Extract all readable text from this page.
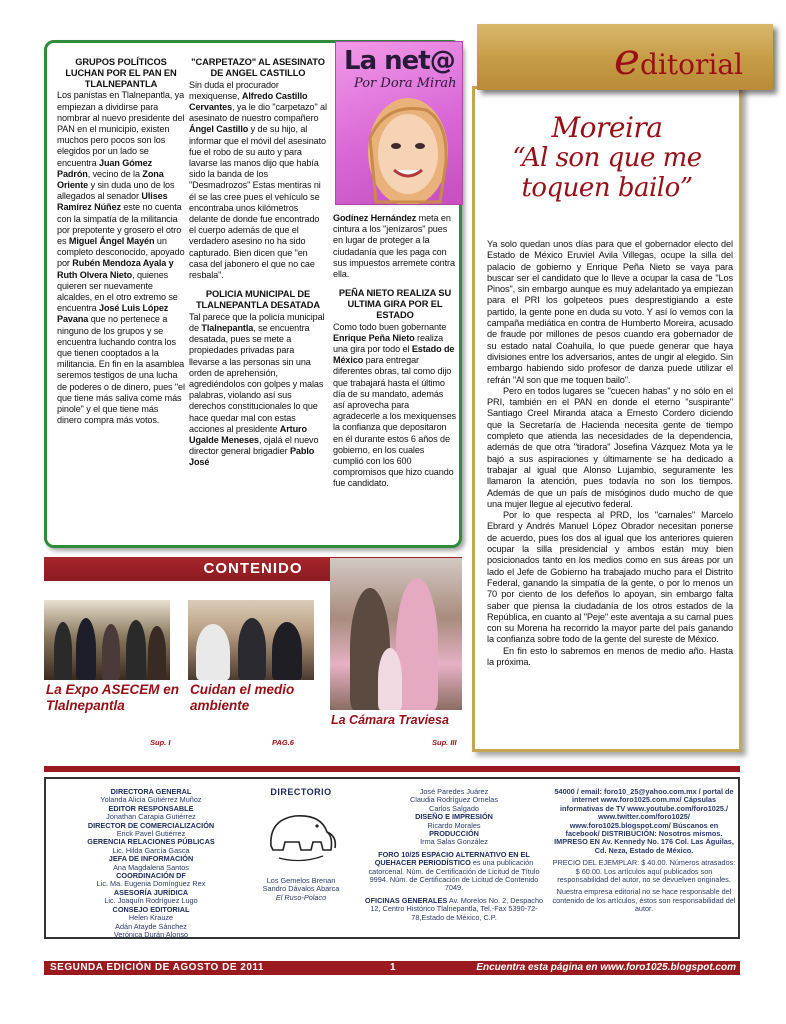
GRUPOS POLÍTICOS LUCHAN POR EL PAN EN TLALNEPANTLA

Los panistas en Tlalnepantla, ya empiezan a dividirse para nombrar al nuevo presidente del PAN en el municipio, existen muchos pero pocos son los elegidos por un lado se encuentra Juan Gómez Padrón, vecino de la Zona Oriente y sin duda uno de los allegados al senador Ulises Ramírez Núñez este no cuenta con la simpatía de la militancia por prepotente y grosero el otro es Miguel Ángel Mayén un completo desconocido, apoyado por Rubén Mendoza Ayala y Ruth Olvera Nieto, quienes quieren ser nuevamente alcaldes, en el otro extremo se encuentra José Luis López Pavana que no pertenece a ninguno de los grupos y se encuentra luchando contra los que tienen cooptados a la militancia. En fin en la asamblea seremos testigos de una lucha de poderes o de dinero, pues "el que tiene más saliva come más pinole" y el que tiene más dinero compra más votos.

"CARPETAZO" AL ASESINATO DE ANGEL CASTILLO

Sin duda el procurador mexiquense, Alfredo Castillo Cervantes, ya le dio "carpetazo" al asesinato de nuestro compañero Ángel Castillo y de su hijo, al informar que el móvil del asesinato fue el robo de su auto y para lavarse las manos dijo que había sido la banda de los "Desmadrozos" Estas mentiras ni él se las cree pues el vehículo se encontraba unos kilómetros delante de donde fue encontrado el cuerpo además de que el verdadero asesino no ha sido capturado. Bien dicen que "en casa del jabonero el que no cae resbala".

POLICIA MUNICIPAL DE TLALNEPANTLA DESATADA

Tal parece que la policía municipal de Tlalnepantla, se encuentra desatada, pues se mete a propiedades privadas para llevarse a las personas sin una orden de aprehensión, agrediéndolos con golpes y malas palabras, violando así sus derechos constitucionales lo que hace quedar mal con estas acciones al presidente Arturo Ugalde Meneses, ojalá el nuevo director general brigadier Pablo José

La net@
Por Dora Mirah

Godínez Hernández meta en cintura a los "jenízaros" pues en lugar de proteger a la ciudadanía que les paga con sus impuestos arremete contra ella.

PEÑA NIETO REALIZA SU ULTIMA GIRA POR EL ESTADO

Como todo buen gobernante Enrique Peña Nieto realiza una gira por todo el Estado de México para entregar diferentes obras, tal como dijo que trabajará hasta el último día de su mandato, además así aprovecha para agradecerle a los mexiquenses la confianza que depositaron en él durante estos 6 años de gobierno, en los cuales cumplió con los 600 compromisos que hizo cuando fue candidato.

Moreira
“Al son que me
toquen bailo”

Ya solo quedan unos días para que el gobernador electo del Estado de México Eruviel Avila Villegas, ocupe la silla del palacio de gobierno y Enrique Peña Nieto se vaya para buscar ser el candidato que lo lleve a ocupar la casa de "Los Pinos", sin embargo aunque es muy adelantado ya empiezan para el PRI los golpeteos pues desprestigiando a este partido, la gente pone en duda su voto. Y así lo vemos con la campaña mediática en contra de Humberto Moreira, acusado de fraude por millones de pesos cuando era gobernador de su estado natal Coahuila, lo que puede generar que haya divisiones entre los adversarios, antes de ungir al elegido. Sin embargo habiendo sido profesor de danza puede utilizar el refrán "Al son que me toquen bailo".

Pero en todos lugares se "cuecen habas" y no sólo en el PRI, también en el PAN en donde el eterno "suspirante" Santiago Creel Miranda ataca a Ernesto Cordero diciendo que la Secretaría de Hacienda necesita gente de tiempo completo que atienda las necesidades de la dependencia, además de que otra "tiradora" Josefina Vázquez Mota ya le bajó a sus aspiraciones y últimamente se ha dedicado a trabajar al igual que Alonso Lujambio, seguramente les llamaron la atención, pues todavía no son los tiempos. Además de que un país de misóginos dudo mucho de que una mujer llegue al ejecutivo federal.

Por lo que respecta al PRD, los "carnales" Marcelo Ebrard y Andrés Manuel López Obrador necesitan ponerse de acuerdo, pues los dos al igual que los anteriores quieren ocupar la silla presidencial y ambos están muy bien posicionados tanto en los medios como en sus áreas por un lado el Jefe de Gobierno ha trabajado mucho para el Distrito Federal, ganando la simpatía de la gente, o por lo menos un 70 por ciento de los defeños lo apoyan, sin embargo falta saber que piensa la ciudadanía de los otros estados de la República, en cuanto al "Peje" este aventaja a su carnal pues con su Morena ha recorrido la mayor parte del país ganando la confianza sobre todo de la gente del sureste de México.

En fin esto lo sabremos en menos de medio año. Hasta la próxima.

editorial
CONTENIDO
La Expo ASECEM en Tlalnepantla
Cuidan el medio ambiente
La Cámara Traviesa
Sup. I	PAG.6	Sup. III
DIRECTORA GENERAL
Yolanda Alicia Gutiérrez Muñoz
EDITOR RESPONSABLE
Jonathan Carapia Gutiérrez
DIRECTOR DE COMERCIALIZACIÓN
Erick Pavel Gutiérrez
GERENCIA RELACIONES PÚBLICAS
Lic. Hilda García Gasca
JEFA DE INFORMACIÓN
Ana Magdalena Santos
COORDINACIÓN DF
Lic. Ma. Eugenia Domínguez Rex
ASESORÍA JURÍDICA
Lic. Joaquín Rodríguez Lugo
CONSEJO EDITORIAL
Helen Krauze
Adán Atayde Sánchez
Verónica Durán Alonso
DIRECTORIO
Los Gemelos Brenan
Sandro Dávalos Abarca
El Ruso-Polaco
José Paredes Juárez
Claudia Rodríguez Ornelas
Carlos Salgado
DISEÑO E IMPRESIÓN
Ricardo Morales
PRODUCCIÓN
Irma Salas González
FORO 10/25 ESPACIO ALTERNATIVO EN EL QUEHACER PERIODÍSTICO es una publicación catorcenal. Núm. de Certificación de Licitud de Título 9994. Núm. de Certificación de Licitud de Contenido 7049.
OFICINAS GENERALES Av. Morelos No. 2, Despacho 12, Centro Histórico Tlalnepantla, Tel.-Fax 5390-72-78,Estado de México, C.P.
54000 / email: foro10_25@yahoo.com.mx / portal de internet www.foro1025.com.mx/ Cápsulas informativas de TV www.youtube.com/foro1025./ www.twitter.com/foro1025/ www.foro1025.blogspot.com/ Búscanos en facebook/ DISTRIBUCIÓN: Nosotros mismos. IMPRESO EN Av. Kennedy No. 176 Col. Las Águilas, Cd. Neza, Estado de México.
PRECIO DEL EJEMPLAR: $ 40.00. Números atrasados: $ 60.00. Los artículos aquí publicados son responsabilidad del autor, no se devuelven originales.
Nuestra empresa editorial no se hace responsable del contenido de los artículos, éstos son responsabilidad del autor.
SEGUNDA EDICIÓN DE AGOSTO DE 2011	1	Encuentra esta página en www.foro1025.blogspot.com
